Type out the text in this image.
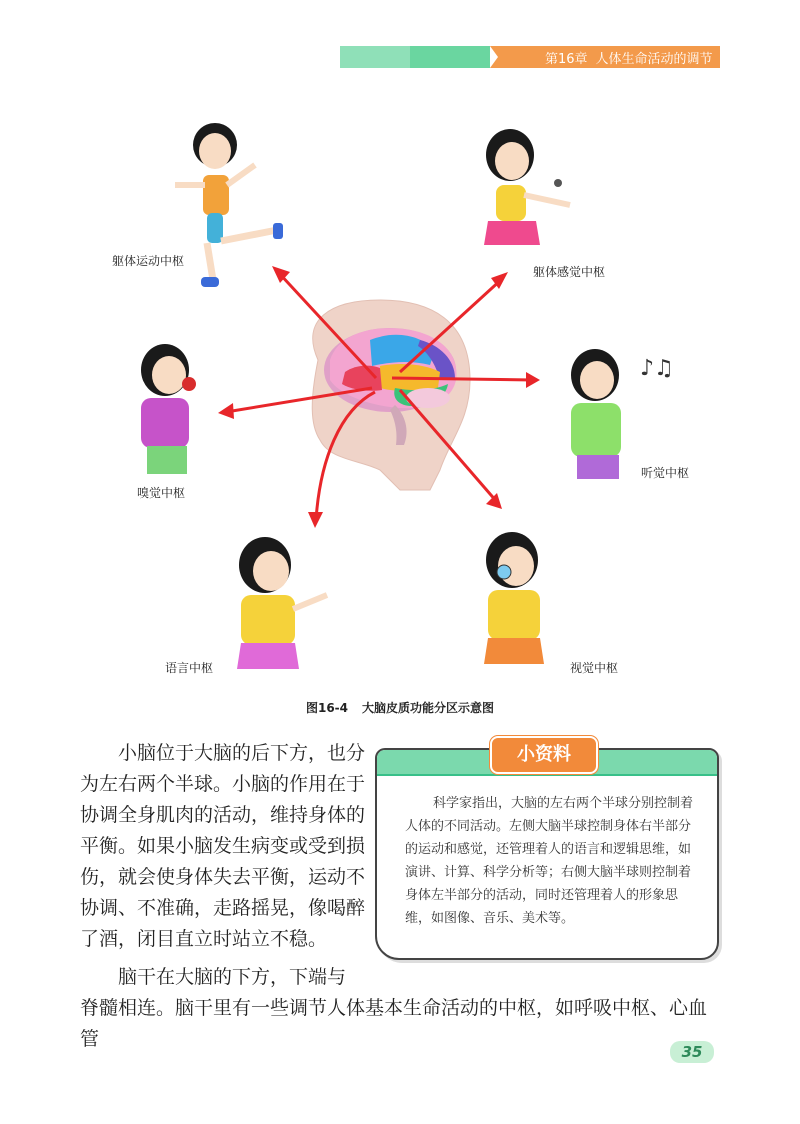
第16章 人体生命活动的调节
♪♫
躯体运动中枢
躯体感觉中枢
嗅觉中枢
听觉中枢
语言中枢	视觉中枢
图16-4 大脑皮质功能分区示意图
小脑位于大脑的后下方，也分为左右两个半球。小脑的作用在于协调全身肌肉的活动，维持身体的平衡。如果小脑发生病变或受到损伤，就会使身体失去平衡，运动不协调、不准确，走路摇晃，像喝醉了酒，闭目直立时站立不稳。
小资料
科学家指出，大脑的左右两个半球分别控制着人体的不同活动。左侧大脑半球控制身体右半部分的运动和感觉，还管理着人的语言和逻辑思维，如演讲、计算、科学分析等；右侧大脑半球则控制着身体左半部分的活动，同时还管理着人的形象思维，如图像、音乐、美术等。
脑干在大脑的下方，下端与
脊髓相连。脑干里有一些调节人体基本生命活动的中枢，如呼吸中枢、心血管
35
